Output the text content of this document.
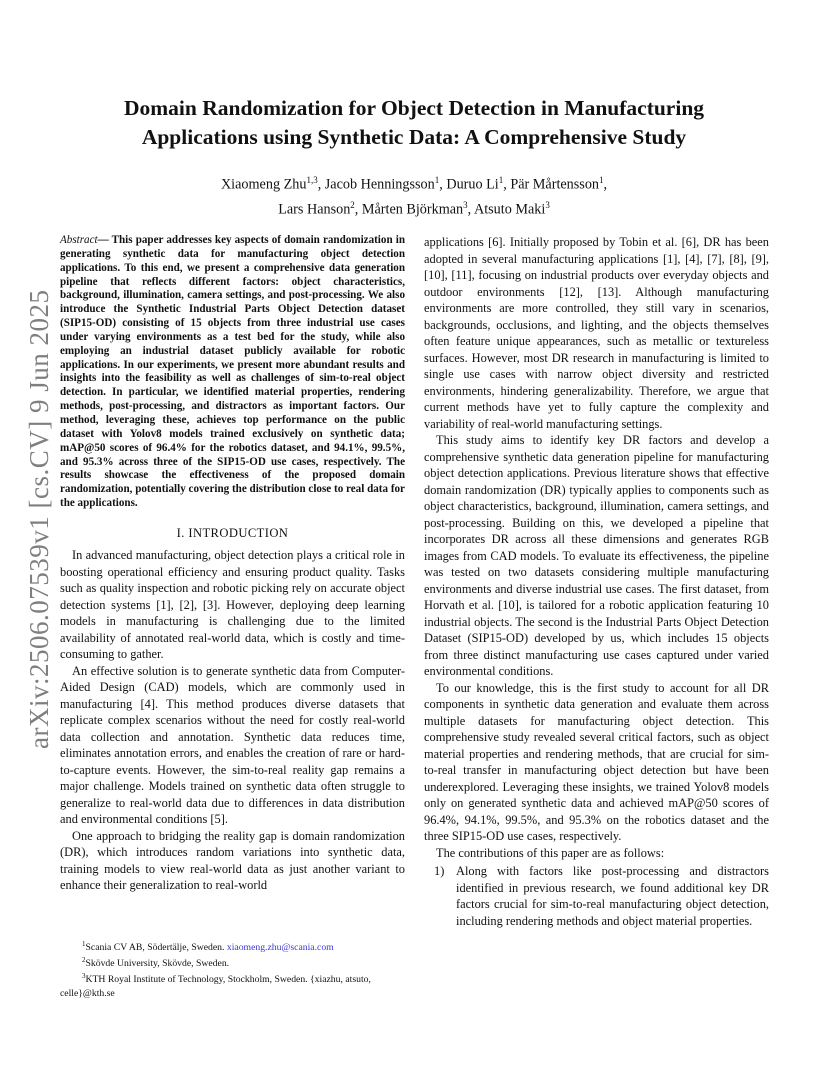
arXiv:2506.07539v1 [cs.CV] 9 Jun 2025
Domain Randomization for Object Detection in Manufacturing
Applications using Synthetic Data: A Comprehensive Study
Xiaomeng Zhu$^{1,3}$, Jacob Henningsson$^1$, Duruo Li$^1$, Pär Mårtensson$^1$,
Lars Hanson$^2$, Mårten Björkman$^3$, Atsuto Maki$^3$
Abstract— This paper addresses key aspects of domain randomization in generating synthetic data for manufacturing object detection applications. To this end, we present a comprehensive data generation pipeline that reflects different factors: object characteristics, background, illumination, camera settings, and post-processing. We also introduce the Synthetic Industrial Parts Object Detection dataset (SIP15-OD) consisting of 15 objects from three industrial use cases under varying environments as a test bed for the study, while also employing an industrial dataset publicly available for robotic applications. In our experiments, we present more abundant results and insights into the feasibility as well as challenges of sim-to-real object detection. In particular, we identified material properties, rendering methods, post-processing, and distractors as important factors. Our method, leveraging these, achieves top performance on the public dataset with Yolov8 models trained exclusively on synthetic data; mAP@50 scores of 96.4% for the robotics dataset, and 94.1%, 99.5%, and 95.3% across three of the SIP15-OD use cases, respectively. The results showcase the effectiveness of the proposed domain randomization, potentially covering the distribution close to real data for the applications.
I. INTRODUCTION

In advanced manufacturing, object detection plays a critical role in boosting operational efficiency and ensuring product quality. Tasks such as quality inspection and robotic picking rely on accurate object detection systems [1], [2], [3]. However, deploying deep learning models in manufacturing is challenging due to the limited availability of annotated real-world data, which is costly and time-consuming to gather.

An effective solution is to generate synthetic data from Computer-Aided Design (CAD) models, which are commonly used in manufacturing [4]. This method produces diverse datasets that replicate complex scenarios without the need for costly real-world data collection and annotation. Synthetic data reduces time, eliminates annotation errors, and enables the creation of rare or hard-to-capture events. However, the sim-to-real reality gap remains a major challenge. Models trained on synthetic data often struggle to generalize to real-world data due to differences in data distribution and environmental conditions [5].

One approach to bridging the reality gap is domain randomization (DR), which introduces random variations into synthetic data, training models to view real-world data as just another variant to enhance their generalization to real-world

$^1$Scania CV AB, Södertälje, Sweden. xiaomeng.zhu@scania.com

$^2$Skövde University, Skövde, Sweden.

$^3$KTH Royal Institute of Technology, Stockholm, Sweden. {xiazhu, atsuto, celle}@kth.se

applications [6]. Initially proposed by Tobin et al. [6], DR has been adopted in several manufacturing applications [1], [4], [7], [8], [9], [10], [11], focusing on industrial products over everyday objects and outdoor environments [12], [13]. Although manufacturing environments are more controlled, they still vary in scenarios, backgrounds, occlusions, and lighting, and the objects themselves often feature unique appearances, such as metallic or textureless surfaces. However, most DR research in manufacturing is limited to single use cases with narrow object diversity and restricted environments, hindering generalizability. Therefore, we argue that current methods have yet to fully capture the complexity and variability of real-world manufacturing settings.

This study aims to identify key DR factors and develop a comprehensive synthetic data generation pipeline for manufacturing object detection applications. Previous literature shows that effective domain randomization (DR) typically applies to components such as object characteristics, background, illumination, camera settings, and post-processing. Building on this, we developed a pipeline that incorporates DR across all these dimensions and generates RGB images from CAD models. To evaluate its effectiveness, the pipeline was tested on two datasets considering multiple manufacturing environments and diverse industrial use cases. The first dataset, from Horvath et al. [10], is tailored for a robotic application featuring 10 industrial objects. The second is the Industrial Parts Object Detection Dataset (SIP15-OD) developed by us, which includes 15 objects from three distinct manufacturing use cases captured under varied environmental conditions.

To our knowledge, this is the first study to account for all DR components in synthetic data generation and evaluate them across multiple datasets for manufacturing object detection. This comprehensive study revealed several critical factors, such as object material properties and rendering methods, that are crucial for sim-to-real transfer in manufacturing object detection but have been underexplored. Leveraging these insights, we trained Yolov8 models only on generated synthetic data and achieved mAP@50 scores of 96.4%, 94.1%, 99.5%, and 95.3% on the robotics dataset and the three SIP15-OD use cases, respectively.

The contributions of this paper are as follows:

1) Along with factors like post-processing and distractors identified in previous research, we found additional key DR factors crucial for sim-to-real manufacturing object detection, including rendering methods and object material properties.
